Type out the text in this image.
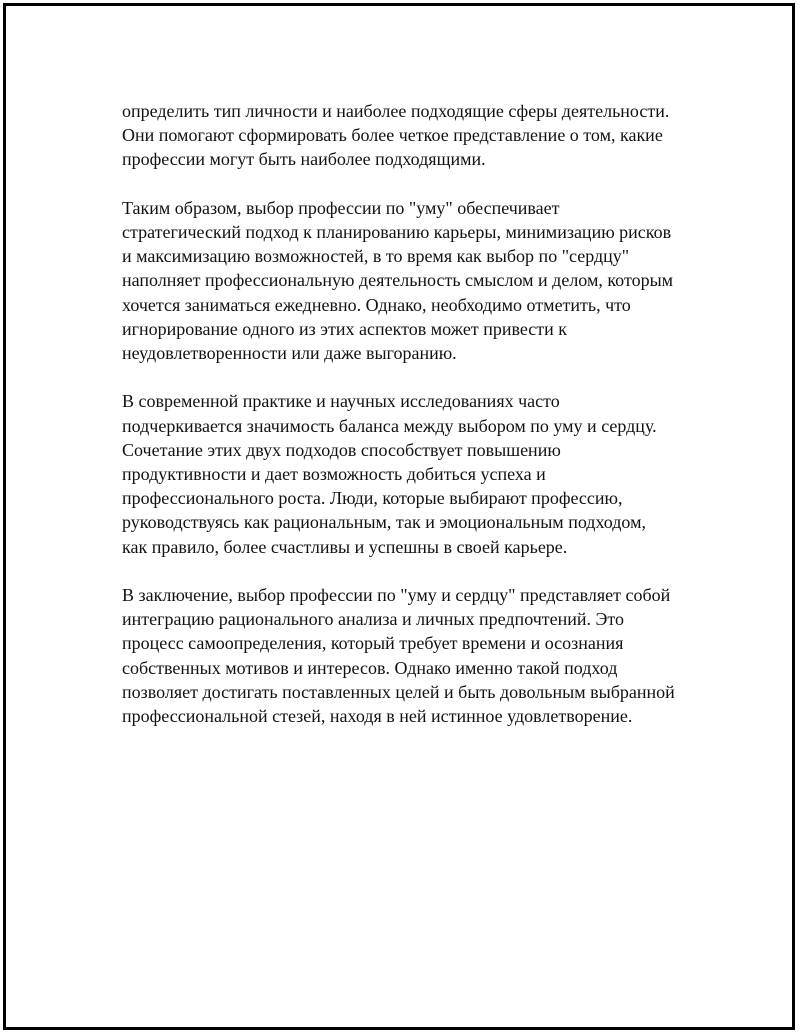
определить тип личности и наиболее подходящие сферы деятельности.
Они помогают сформировать более четкое представление о том, какие
профессии могут быть наиболее подходящими.

Таким образом, выбор профессии по "уму" обеспечивает
стратегический подход к планированию карьеры, минимизацию рисков
и максимизацию возможностей, в то время как выбор по "сердцу"
наполняет профессиональную деятельность смыслом и делом, которым
хочется заниматься ежедневно. Однако, необходимо отметить, что
игнорирование одного из этих аспектов может привести к
неудовлетворенности или даже выгоранию.

В современной практике и научных исследованиях часто
подчеркивается значимость баланса между выбором по уму и сердцу.
Сочетание этих двух подходов способствует повышению
продуктивности и дает возможность добиться успеха и
профессионального роста. Люди, которые выбирают профессию,
руководствуясь как рациональным, так и эмоциональным подходом,
как правило, более счастливы и успешны в своей карьере.

В заключение, выбор профессии по "уму и сердцу" представляет собой
интеграцию рационального анализа и личных предпочтений. Это
процесс самоопределения, который требует времени и осознания
собственных мотивов и интересов. Однако именно такой подход
позволяет достигать поставленных целей и быть довольным выбранной
профессиональной стезей, находя в ней истинное удовлетворение.
